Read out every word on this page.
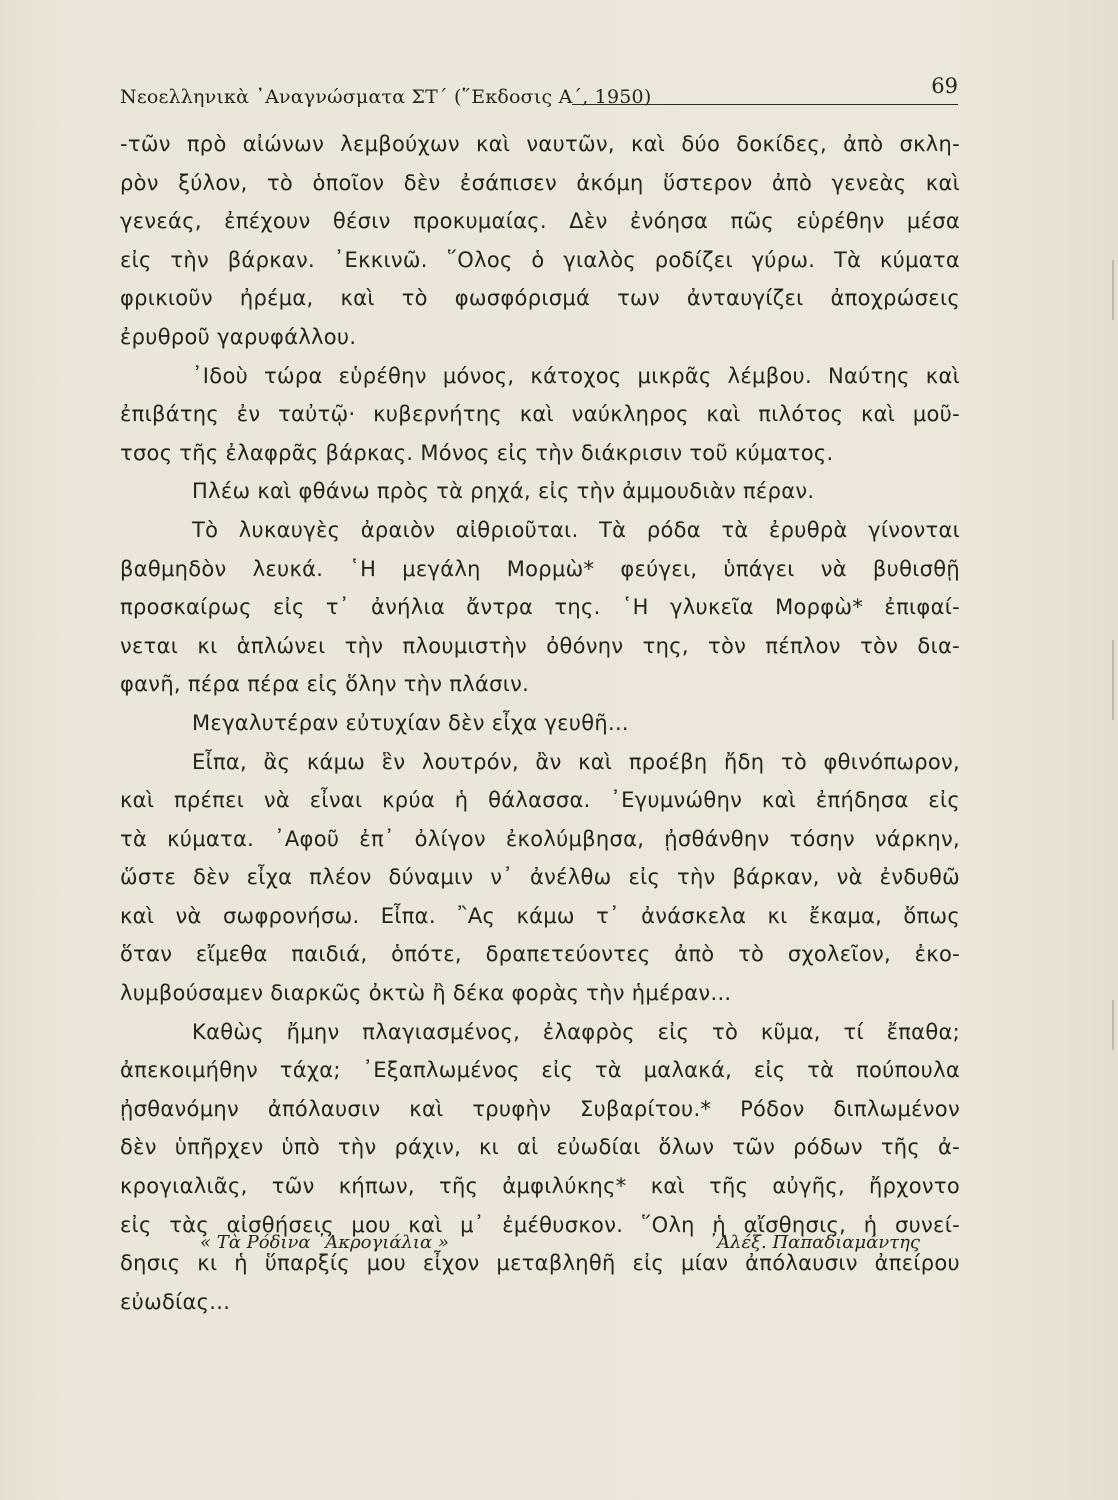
Νεοελληνικὰ ᾿Αναγνώσματα ΣΤ΄ (῞Εκδοσις Α΄, 1950)	69
-τῶν πρὸ αἰώνων λεμβούχων καὶ ναυτῶν, καὶ δύο δοκίδες, ἀπὸ σκλη-
ρὸν ξύλον, τὸ ὁποῖον δὲν ἐσάπισεν ἀκόμη ὕστερον ἀπὸ γενεὰς καὶ
γενεάς, ἐπέχουν θέσιν προκυμαίας. Δὲν ἐνόησα πῶς εὑρέθην μέσα
εἰς τὴν βάρκαν. ᾿Εκκινῶ. ῞Ολος ὁ γιαλὸς ροδίζει γύρω. Τὰ κύματα
φρικιοῦν ἠρέμα, καὶ τὸ φωσφόρισμά των ἀνταυγίζει ἀποχρώσεις
ἐρυθροῦ γαρυφάλλου.
᾿Ιδοὺ τώρα εὑρέθην μόνος, κάτοχος μικρᾶς λέμβου. Ναύτης καὶ
ἐπιβάτης ἐν ταὐτῷ· κυβερνήτης καὶ ναύκληρος καὶ πιλότος καὶ μοῦ-
τσος τῆς ἐλαφρᾶς βάρκας. Μόνος εἰς τὴν διάκρισιν τοῦ κύματος.
Πλέω καὶ φθάνω πρὸς τὰ ρηχά, εἰς τὴν ἀμμουδιὰν πέραν.
Τὸ λυκαυγὲς ἀραιὸν αἰθριοῦται. Τὰ ρόδα τὰ ἐρυθρὰ γίνονται
βαθμηδὸν λευκά. ῾Η μεγάλη Μορμὼ* φεύγει, ὑπάγει νὰ βυθισθῇ
προσκαίρως εἰς τ᾿ ἀνήλια ἄντρα της. ῾Η γλυκεῖα Μορφὼ* ἐπιφαί-
νεται κι ἁπλώνει τὴν πλουμιστὴν ὀθόνην της, τὸν πέπλον τὸν δια-
φανῆ, πέρα πέρα εἰς ὅλην τὴν πλάσιν.
Μεγαλυτέραν εὐτυχίαν δὲν εἶχα γευθῆ...
Εἶπα, ἂς κάμω ἓν λουτρόν, ἂν καὶ προέβη ἤδη τὸ φθινόπωρον,
καὶ πρέπει νὰ εἶναι κρύα ἡ θάλασσα. ᾿Εγυμνώθην καὶ ἐπήδησα εἰς
τὰ κύματα. ᾿Αφοῦ ἐπ᾿ ὀλίγον ἐκολύμβησα, ᾐσθάνθην τόσην νάρκην,
ὥστε δὲν εἶχα πλέον δύναμιν ν᾿ ἀνέλθω εἰς τὴν βάρκαν, νὰ ἐνδυθῶ
καὶ νὰ σωφρονήσω. Εἶπα. ῍Ας κάμω τ᾿ ἀνάσκελα κι ἔκαμα, ὅπως
ὅταν εἴμεθα παιδιά, ὁπότε, δραπετεύοντες ἀπὸ τὸ σχολεῖον, ἐκο-
λυμβούσαμεν διαρκῶς ὀκτὼ ἢ δέκα φορὰς τὴν ἡμέραν...
Καθὼς ἤμην πλαγιασμένος, ἐλαφρὸς εἰς τὸ κῦμα, τί ἔπαθα;
ἀπεκοιμήθην τάχα; ᾿Εξαπλωμένος εἰς τὰ μαλακά, εἰς τὰ πούπουλα
ᾐσθανόμην ἀπόλαυσιν καὶ τρυφὴν Συβαρίτου.* Ρόδον διπλωμένον
δὲν ὑπῆρχεν ὑπὸ τὴν ράχιν, κι αἱ εὐωδίαι ὅλων τῶν ρόδων τῆς ἀ-
κρογιαλιᾶς, τῶν κήπων, τῆς ἀμφιλύκης* καὶ τῆς αὐγῆς, ἤρχοντο
εἰς τὰς αἰσθήσεις μου καὶ μ᾿ ἐμέθυσκον. ῞Ολη ἡ αἴσθησις, ἡ συνεί-
δησις κι ἡ ὕπαρξίς μου εἶχον μεταβληθῆ εἰς μίαν ἀπόλαυσιν ἀπείρου
εὐωδίας...
« Τὰ Ρόδινα ᾿Ακρογιάλια »	᾿Αλέξ. Παπαδιαμάντης
